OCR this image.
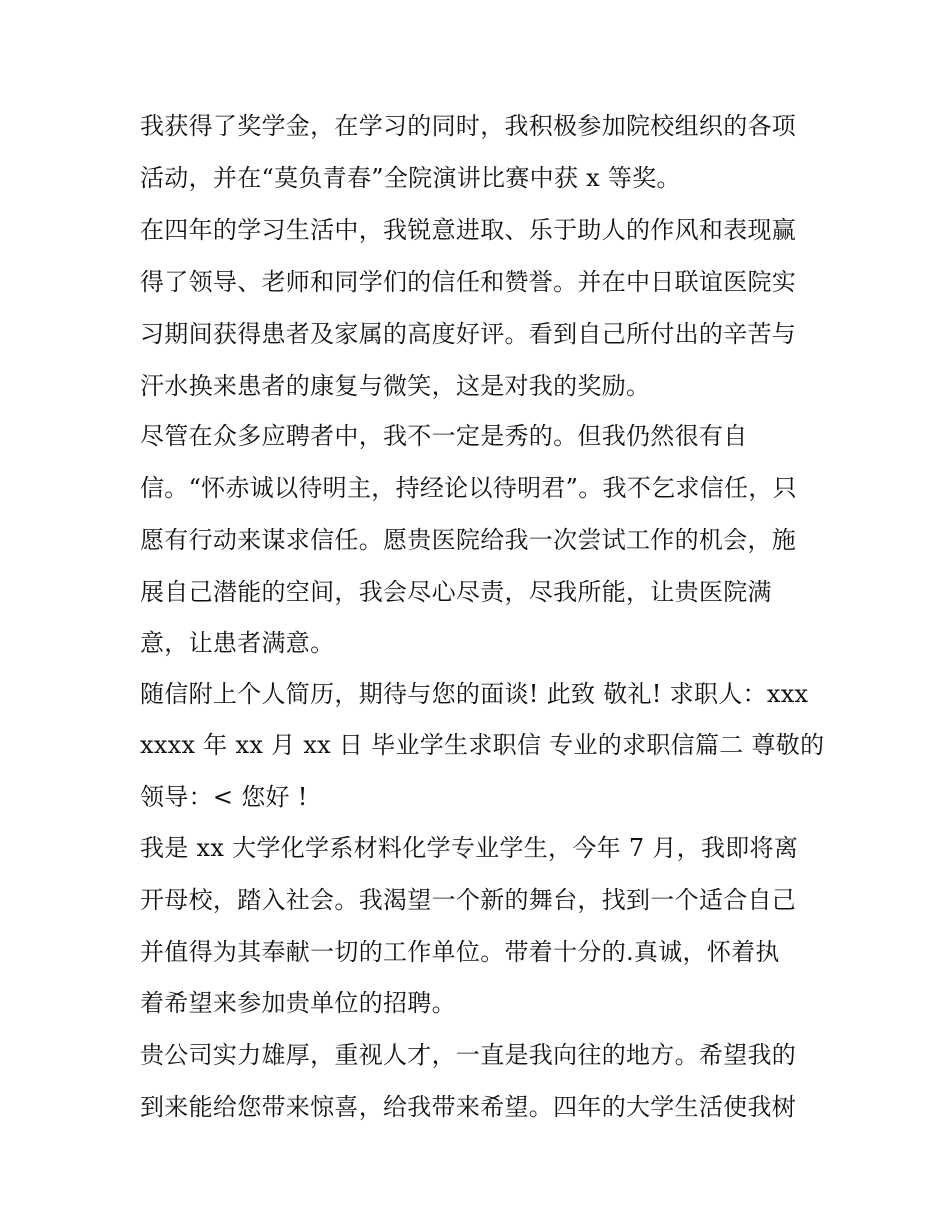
我获得了奖学金，在学习的同时，我积极参加院校组织的各项
活动，并在“莫负青春”全院演讲比赛中获 x 等奖。
在四年的学习生活中，我锐意进取、乐于助人的作风和表现赢
得了领导、老师和同学们的信任和赞誉。并在中日联谊医院实
习期间获得患者及家属的高度好评。看到自己所付出的辛苦与
汗水换来患者的康复与微笑，这是对我的奖励。
尽管在众多应聘者中，我不一定是秀的。但我仍然很有自
信。“怀赤诚以待明主，持经论以待明君”。我不乞求信任，只
愿有行动来谋求信任。愿贵医院给我一次尝试工作的机会，施
展自己潜能的空间，我会尽心尽责，尽我所能，让贵医院满
意，让患者满意。
随信附上个人简历，期待与您的面谈! 此致 敬礼! 求职人：xxx
xxxx 年 xx 月 xx 日 毕业学生求职信 专业的求职信篇二 尊敬的
领导：< 您好 !
我是 xx 大学化学系材料化学专业学生，今年 7 月，我即将离
开母校，踏入社会。我渴望一个新的舞台，找到一个适合自己
并值得为其奉献一切的工作单位。带着十分的.真诚，怀着执
着希望来参加贵单位的招聘。
贵公司实力雄厚，重视人才，一直是我向往的地方。希望我的
到来能给您带来惊喜，给我带来希望。四年的大学生活使我树
